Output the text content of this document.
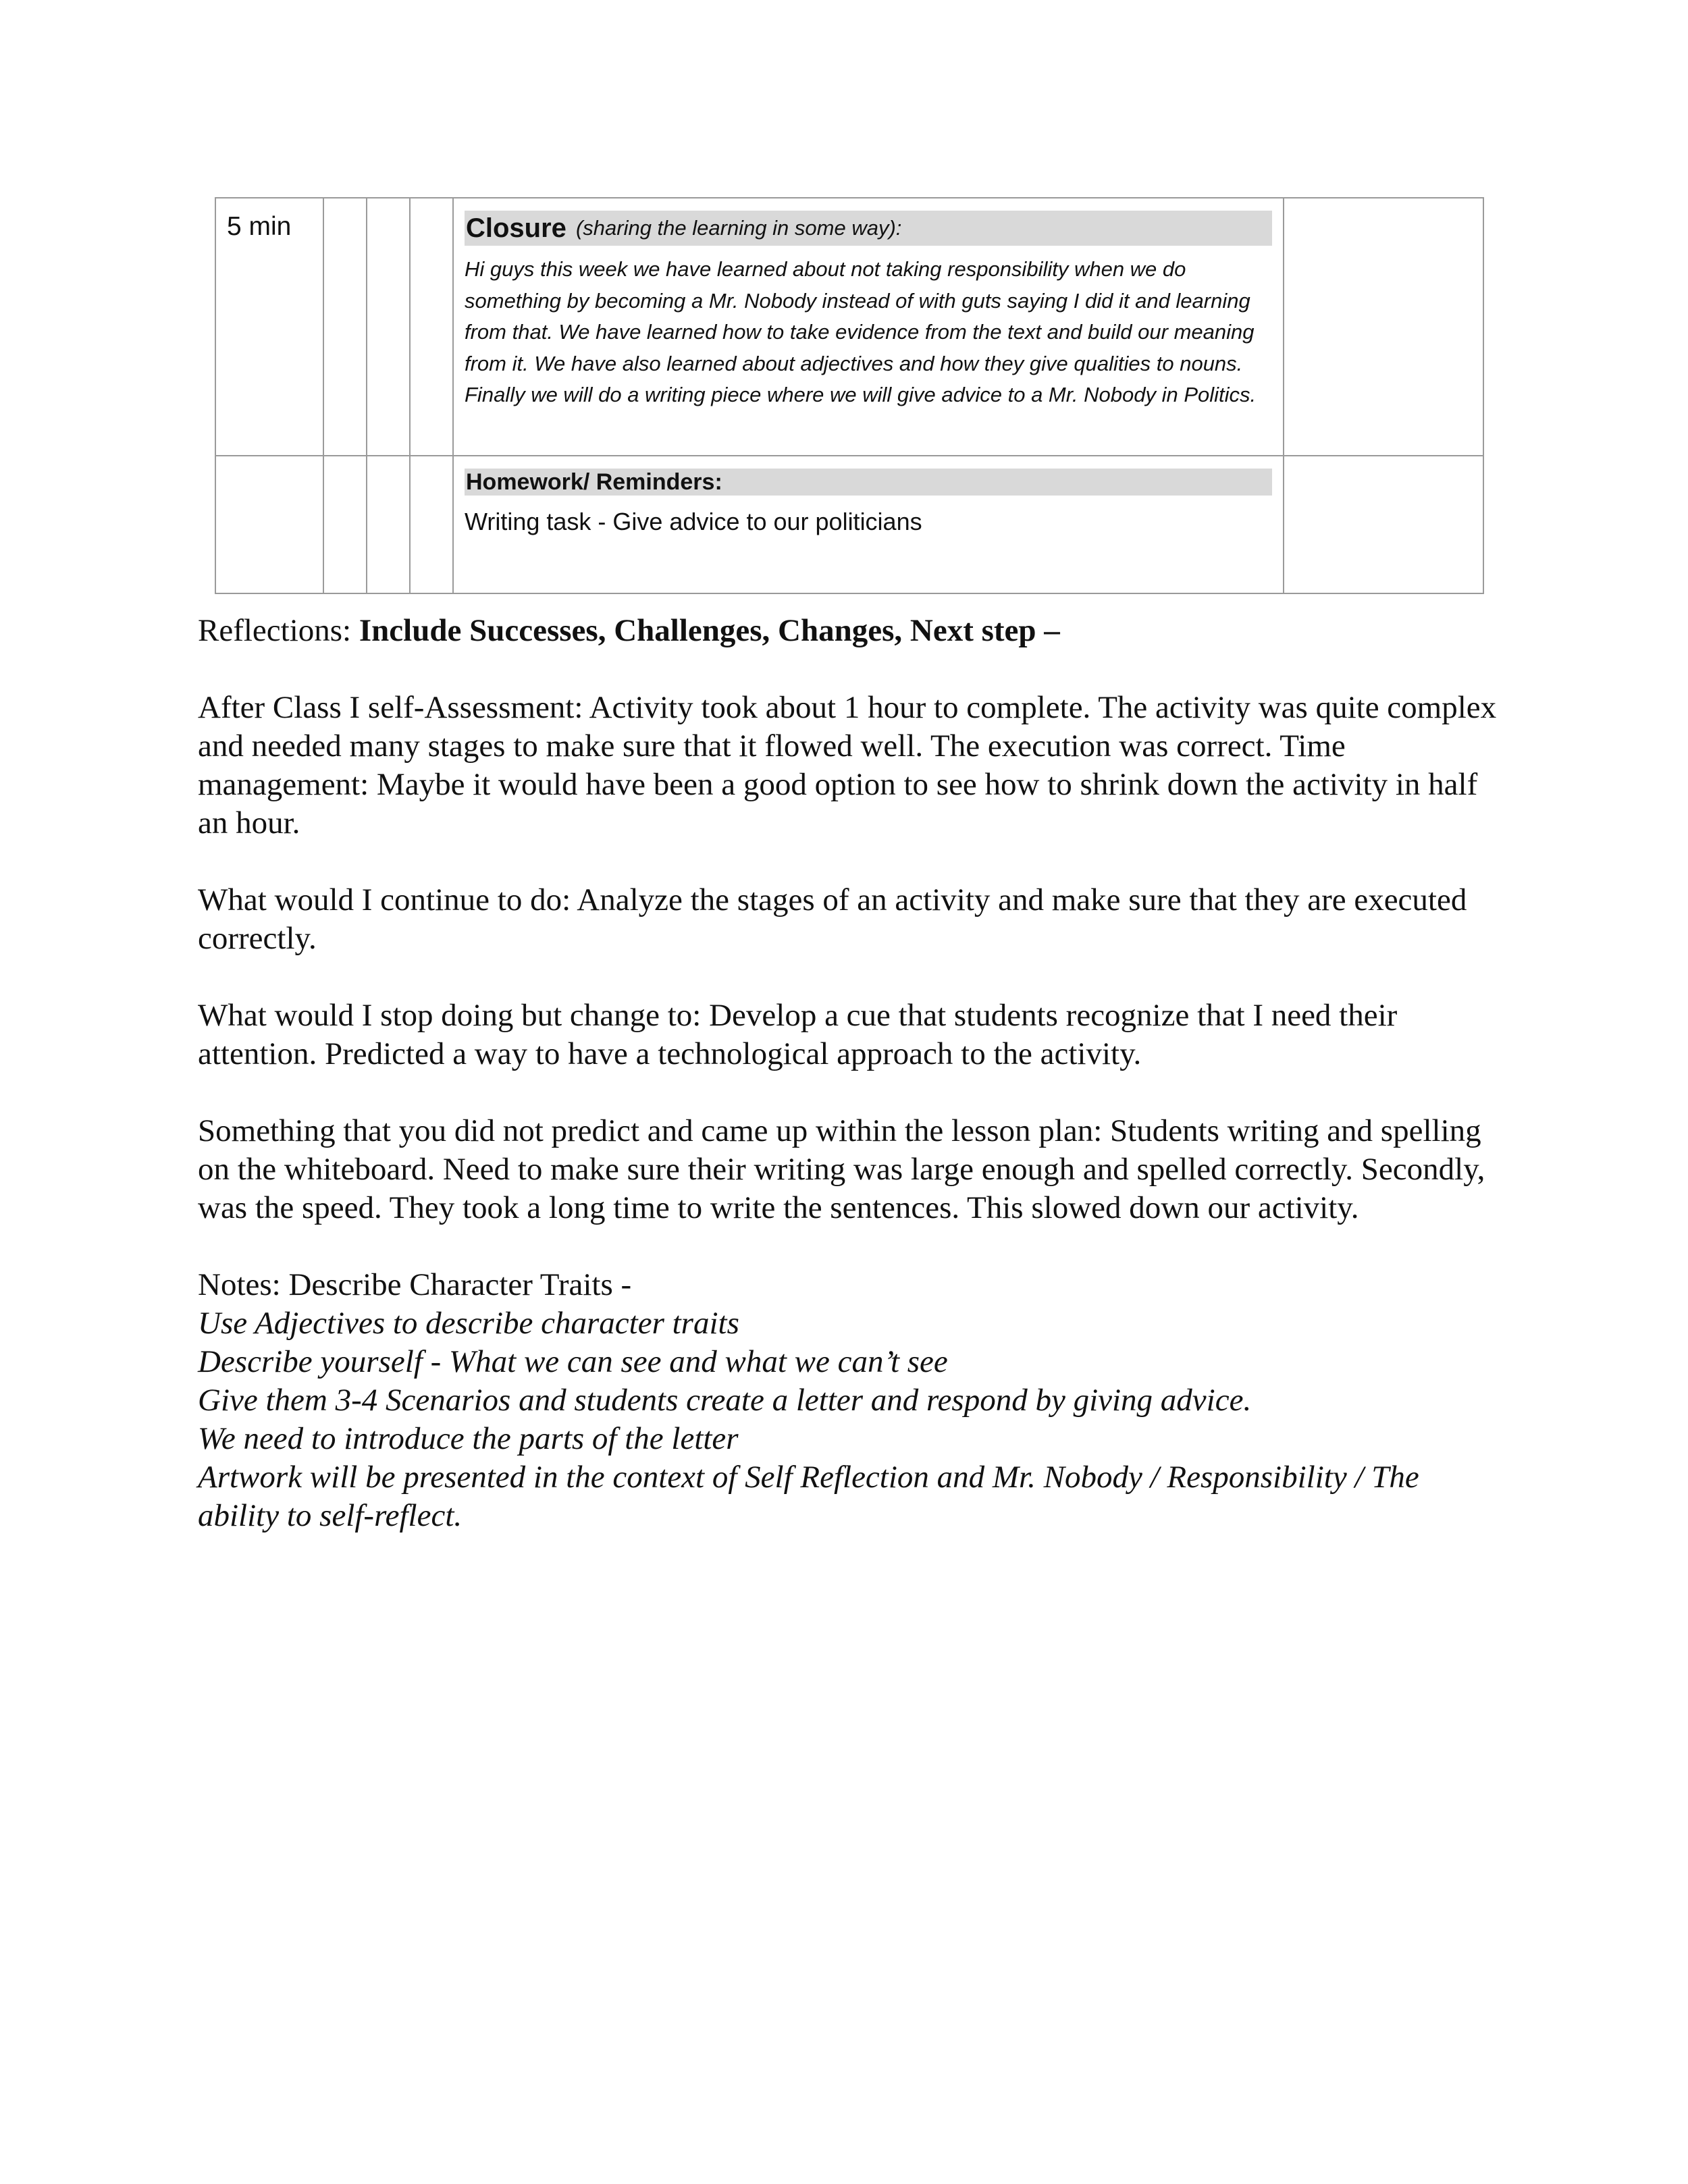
5 min				Closure (sharing the learning in some way):
Hi guys this week we have learned about not taking responsibility when we do something by becoming a Mr. Nobody instead of with guts saying I did it and learning from that. We have learned how to take evidence from the text and build our meaning from it. We have also learned about adjectives and how they give qualities to nouns. Finally we will do a writing piece where we will give advice to a Mr. Nobody in Politics.	

				Homework/ Reminders:
Writing task - Give advice to our politicians	

Reflections: Include Successes, Challenges, Changes, Next step –

After Class I self-Assessment: Activity took about 1 hour to complete. The activity was quite complex and needed many stages to make sure that it flowed well. The execution was correct. Time management: Maybe it would have been a good option to see how to shrink down the activity in half an hour.

What would I continue to do: Analyze the stages of an activity and make sure that they are executed correctly.

What would I stop doing but change to: Develop a cue that students recognize that I need their attention. Predicted a way to have a technological approach to the activity.

Something that you did not predict and came up within the lesson plan: Students writing and spelling on the whiteboard. Need to make sure their writing was large enough and spelled correctly. Secondly, was the speed. They took a long time to write the sentences. This slowed down our activity.

Notes: Describe Character Traits -
Use Adjectives to describe character traits
Describe yourself - What we can see and what we can’t see
Give them 3-4 Scenarios and students create a letter and respond by giving advice.
We need to introduce the parts of the letter
Artwork will be presented in the context of Self Reflection and Mr. Nobody / Responsibility / The ability to self-reflect.
